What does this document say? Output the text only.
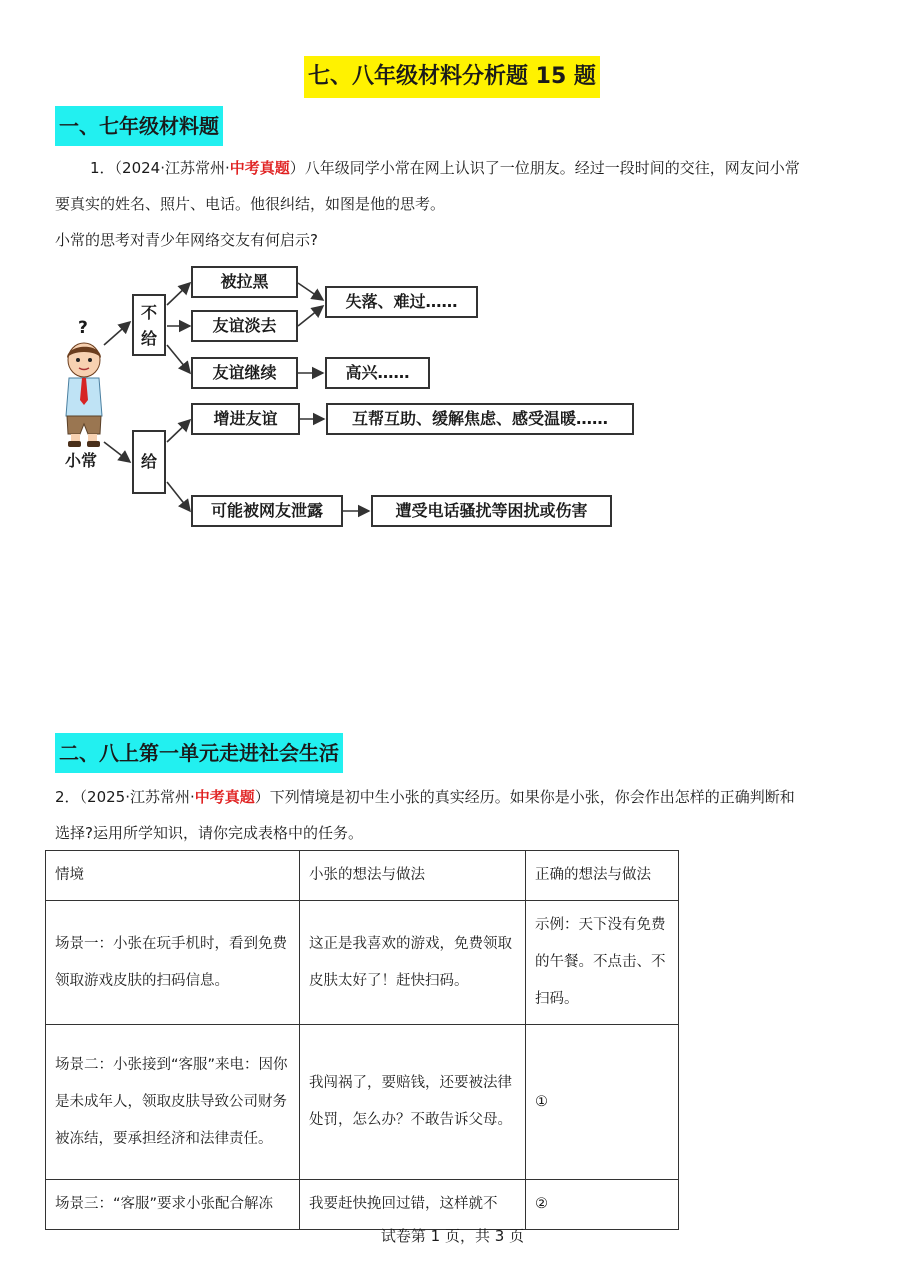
七、八年级材料分析题 15 题
一、七年级材料题
1．（2024·江苏常州·中考真题）八年级同学小常在网上认识了一位朋友。经过一段时间的交往，网友问小常
要真实的姓名、照片、电话。他很纠结，如图是他的思考。
小常的思考对青少年网络交友有何启示?
?
小常
不给
给
被拉黑
友谊淡去
友谊继续
失落、难过……
高兴……
增进友谊	互帮互助、缓解焦虑、感受温暖……
可能被网友泄露	遭受电话骚扰等困扰或伤害
二、八上第一单元走进社会生活
2．（2025·江苏常州·中考真题）下列情境是初中生小张的真实经历。如果你是小张，你会作出怎样的正确判断和
选择?运用所学知识，请你完成表格中的任务。
情境	小张的想法与做法	正确的想法与做法
场景一：小张在玩手机时，看到免费领取游戏皮肤的扫码信息。	这正是我喜欢的游戏，免费领取皮肤太好了！赶快扫码。	示例：天下没有免费的午餐。不点击、不扫码。
场景二：小张接到“客服”来电：因你是未成年人，领取皮肤导致公司财务被冻结，要承担经济和法律责任。	我闯祸了，要赔钱，还要被法律处罚，怎么办？不敢告诉父母。	①
场景三：“客服”要求小张配合解冻	我要赶快挽回过错，这样就不	②
试卷第 1 页，共 3 页
